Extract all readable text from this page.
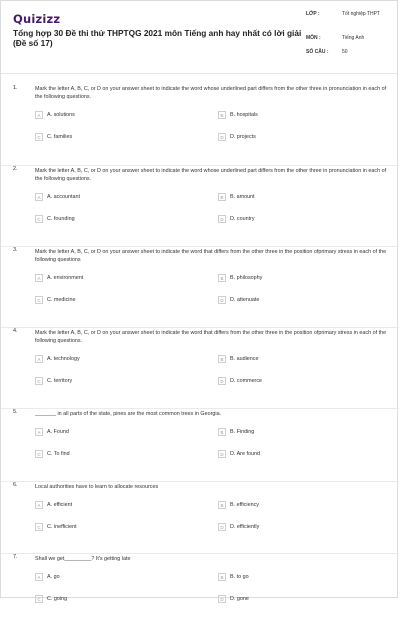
Quizizz
Tổng hợp 30 Đề thi thử THPTQG 2021 môn Tiếng anh hay nhất có lời giải (Đề số 17)
LỚP :	Tốt nghiệp THPT
MÔN :	Tiếng Anh
SỐ CÂU :	50
1.	Mark the letter A, B, C, or D on your answer sheet to indicate the word whose underlined part differs from the other three in pronunciation in each of the following questions.
A	A. solutions	B	B. hospitals
C	C. families	D	D. projects
2.	Mark the letter A, B, C, or D on your answer sheet to indicate the word whose underlined part differs from the other three in pronunciation in each of the following questions.
A	A. accountant	B	B. amount
C	C. founding	D	D. country
3.	Mark the letter A, B, C, or D on your answer sheet to indicate the word that differs from the other three in the position ofprimary stress in each of the following questions
A	A. environment	B	B. philosophy
C	C. medicine	D	D. attenuate
4.	Mark the letter A, B, C, or D on your answer sheet to indicate the word that differs from the other three in the position ofprimary stress in each of the following questions.
A	A. technology	B	B. audience
C	C. territory	D	D. commerce
5.	_______ in all parts of the state, pines are the most common trees in Georgia.
A	A. Found	B	B. Finding
C	C. To find	D	D. Are found
6.	Local authorities have to learn to allocate resources
A	A. efficient	B	B. efficiency
C	C. inefficient	D	D. efficiently
7.	Shall we get_________? It's getting late
A	A. go	B	B. to go
C	C. going	D	D. gone
